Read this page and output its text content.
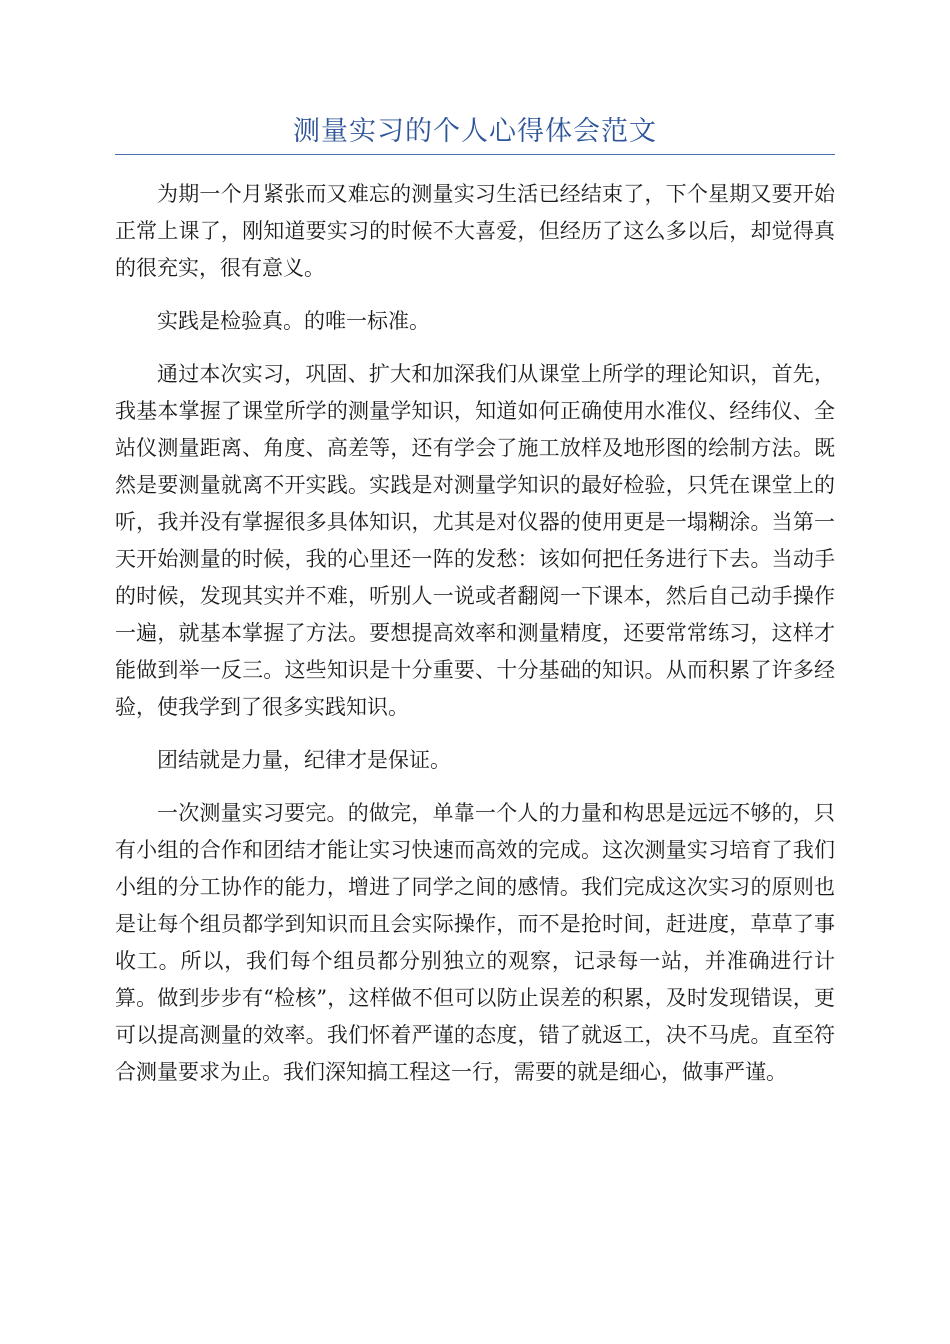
测量实习的个人心得体会范文

为期一个月紧张而又难忘的测量实习生活已经结束了，下个星期又要开始正常上课了，刚知道要实习的时候不大喜爱，但经历了这么多以后，却觉得真的很充实，很有意义。

实践是检验真。的唯一标准。

通过本次实习，巩固、扩大和加深我们从课堂上所学的理论知识，首先，我基本掌握了课堂所学的测量学知识，知道如何正确使用水准仪、经纬仪、全站仪测量距离、角度、高差等，还有学会了施工放样及地形图的绘制方法。既然是要测量就离不开实践。实践是对测量学知识的最好检验，只凭在课堂上的听，我并没有掌握很多具体知识，尤其是对仪器的使用更是一塌糊涂。当第一天开始测量的时候，我的心里还一阵的发愁：该如何把任务进行下去。当动手的时候，发现其实并不难，听别人一说或者翻阅一下课本，然后自己动手操作一遍，就基本掌握了方法。要想提高效率和测量精度，还要常常练习，这样才能做到举一反三。这些知识是十分重要、十分基础的知识。从而积累了许多经验，使我学到了很多实践知识。

团结就是力量，纪律才是保证。

一次测量实习要完。的做完，单靠一个人的力量和构思是远远不够的，只有小组的合作和团结才能让实习快速而高效的完成。这次测量实习培育了我们小组的分工协作的能力，增进了同学之间的感情。我们完成这次实习的原则也是让每个组员都学到知识而且会实际操作，而不是抢时间，赶进度，草草了事收工。所以，我们每个组员都分别独立的观察，记录每一站，并准确进行计算。做到步步有“检核”，这样做不但可以防止误差的积累，及时发现错误，更可以提高测量的效率。我们怀着严谨的态度，错了就返工，决不马虎。直至符合测量要求为止。我们深知搞工程这一行，需要的就是细心，做事严谨。
